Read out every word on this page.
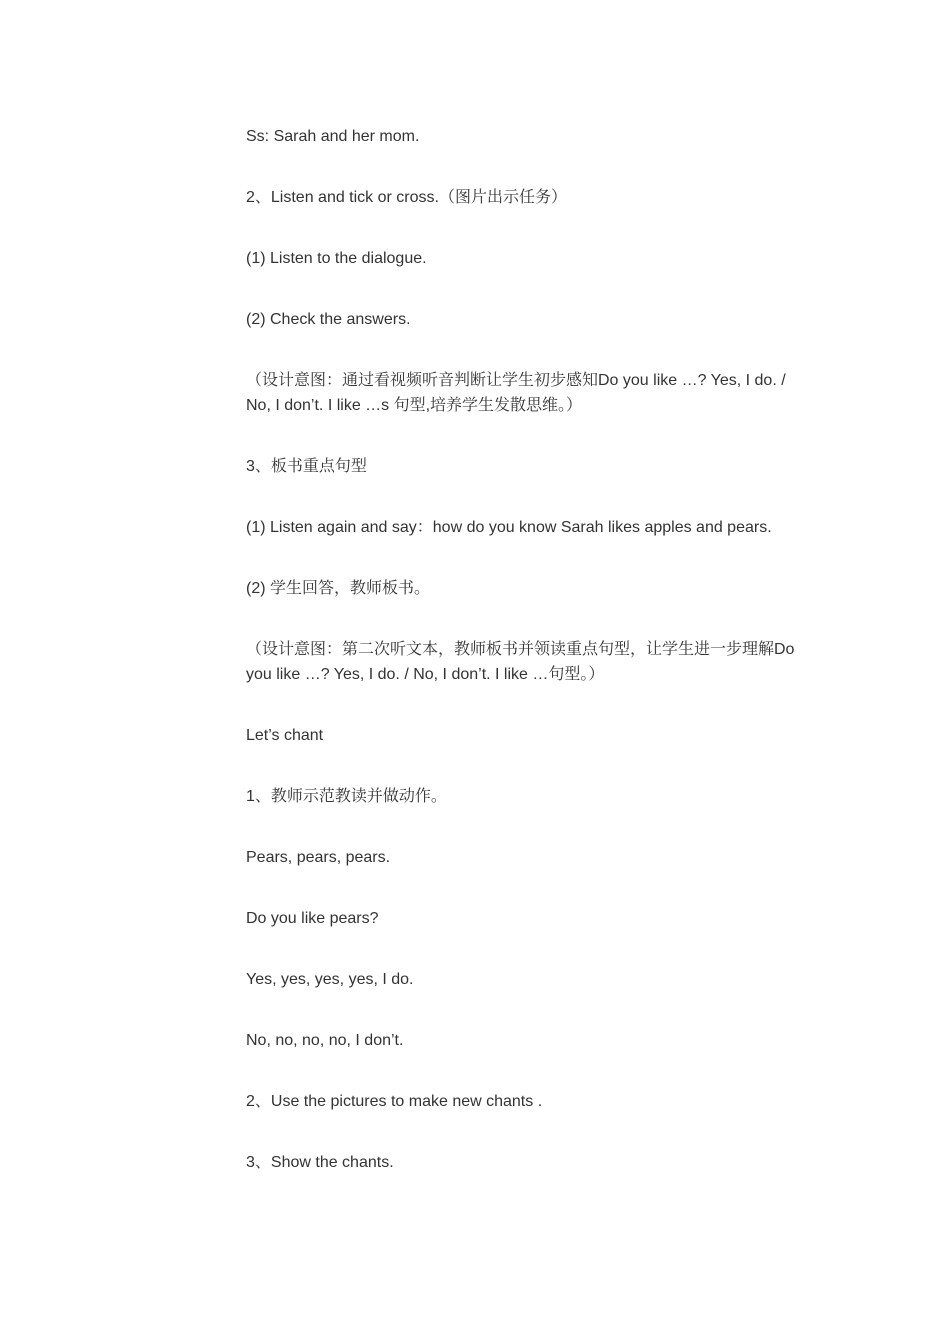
Ss: Sarah and her mom.

2、Listen and tick or cross.（图片出示任务）

(1) Listen to the dialogue.

(2) Check the answers.

（设计意图：通过看视频听音判断让学生初步感知Do you like …? Yes, I do. / No, I don’t. I like …s 句型,培养学生发散思维。）

3、板书重点句型

(1) Listen again and say：how do you know Sarah likes apples and pears.

(2) 学生回答，教师板书。

（设计意图：第二次听文本，教师板书并领读重点句型，让学生进一步理解Do you like …? Yes, I do. / No, I don’t. I like …句型。）

Let’s chant

1、教师示范教读并做动作。

Pears, pears, pears.

Do you like pears?

Yes, yes, yes, yes, I do.

No, no, no, no, I don’t.

2、Use the pictures to make new chants .

3、Show the chants.
